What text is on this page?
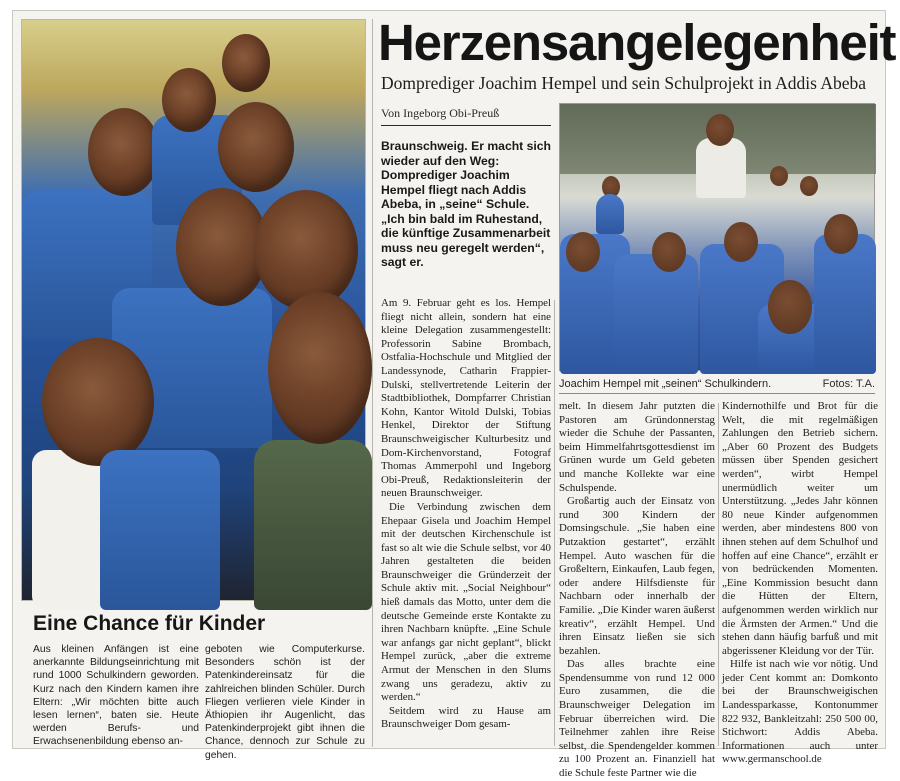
Herzensangelegenheit
Domprediger Joachim Hempel und sein Schulprojekt in Addis Abeba
Von Ingeborg Obi-Preuß
Braunschweig. Er macht sich wieder auf den Weg: Domprediger Joachim Hempel fliegt nach Addis Abeba, in „seine“ Schule. „Ich bin bald im Ruhestand, die künftige Zusammenarbeit muss neu geregelt werden“, sagt er.
Joachim Hempel mit „seinen“ Schulkindern.	Fotos: T.A.

Am 9. Februar geht es los. Hempel fliegt nicht allein, sondern hat eine kleine Delegation zusammengestellt: Professorin Sabine Brombach, Ostfalia-Hochschule und Mitglied der Landessynode, Catharin Frappier-Dulski, stellvertretende Leiterin der Stadtbibliothek, Dompfarrer Christian Kohn, Kantor Witold Dulski, Tobias Henkel, Direktor der Stiftung Braunschweigischer Kulturbesitz und Dom-Kirchenvorstand, Fotograf Thomas Ammerpohl und Ingeborg Obi-Preuß, Redaktionsleiterin der neuen Braunschweiger.

Die Verbindung zwischen dem Ehepaar Gisela und Joachim Hempel mit der deutschen Kirchenschule ist fast so alt wie die Schule selbst, vor 40 Jahren gestalteten die beiden Braunschweiger die Gründerzeit der Schule aktiv mit. „Social Neighbour“ hieß damals das Motto, unter dem die deutsche Gemeinde erste Kontakte zu ihren Nachbarn knüpfte. „Eine Schule war anfangs gar nicht geplant“, blickt Hempel zurück, „aber die extreme Armut der Menschen in den Slums zwang uns geradezu, aktiv zu werden.“

Seitdem wird zu Hause am Braunschweiger Dom gesam-

melt. In diesem Jahr putzten die Pastoren am Gründonnerstag wieder die Schuhe der Passanten, beim Himmelfahrtsgottesdienst im Grünen wurde um Geld gebeten und manche Kollekte war eine Schulspende.

Großartig auch der Einsatz von rund 300 Kindern der Domsingschule. „Sie haben eine Putzaktion gestartet“, erzählt Hempel. Auto waschen für die Großeltern, Einkaufen, Laub fegen, oder andere Hilfsdienste für Nachbarn oder innerhalb der Familie. „Die Kinder waren äußerst kreativ“, erzählt Hempel. Und ihren Einsatz ließen sie sich bezahlen.

Das alles brachte eine Spendensumme von rund 12 000 Euro zusammen, die die Braunschweiger Delegation im Februar überreichen wird. Die Teilnehmer zahlen ihre Reise selbst, die Spendengelder kommen zu 100 Prozent an. Finanziell hat die Schule feste Partner wie die

Kindernothilfe und Brot für die Welt, die mit regelmäßigen Zahlungen den Betrieb sichern. „Aber 60 Prozent des Budgets müssen über Spenden gesichert werden“, wirbt Hempel unermüdlich weiter um Unterstützung. „Jedes Jahr können 80 neue Kinder aufgenommen werden, aber mindestens 800 von ihnen stehen auf dem Schulhof und hoffen auf eine Chance“, erzählt er von bedrückenden Momenten. „Eine Kommission besucht dann die Hütten der Eltern, aufgenommen werden wirklich nur die Ärmsten der Armen.“ Und die stehen dann häufig barfuß und mit abgerissener Kleidung vor der Tür.

Hilfe ist nach wie vor nötig. Und jeder Cent kommt an: Domkonto bei der Braunschweigischen Landessparkasse, Kontonummer 822 932, Bankleitzahl: 250 500 00, Stichwort: Addis Abeba. Informationen auch unter www.germanschool.de

Eine Chance für Kinder

Aus kleinen Anfängen ist eine anerkannte Bildungseinrichtung mit rund 1000 Schulkindern geworden. Kurz nach den Kindern kamen ihre Eltern: „Wir möchten bitte auch lesen lernen“, baten sie. Heute werden Berufs- und Erwachsenenbildung ebenso an-

geboten wie Computerkurse. Besonders schön ist der Patenkindereinsatz für die zahlreichen blinden Schüler. Durch Fliegen verlieren viele Kinder in Äthiopien ihr Augenlicht, das Patenkinderprojekt gibt ihnen die Chance, dennoch zur Schule zu gehen.
